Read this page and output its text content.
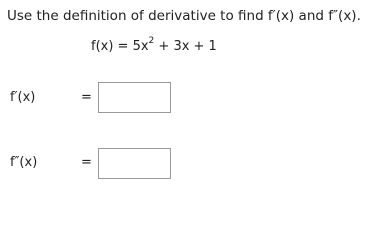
Use the definition of derivative to find f′(x) and f″(x).
$f(x) = 5x^2 + 3x + 1$
f′(x)	=
f″(x)	=
